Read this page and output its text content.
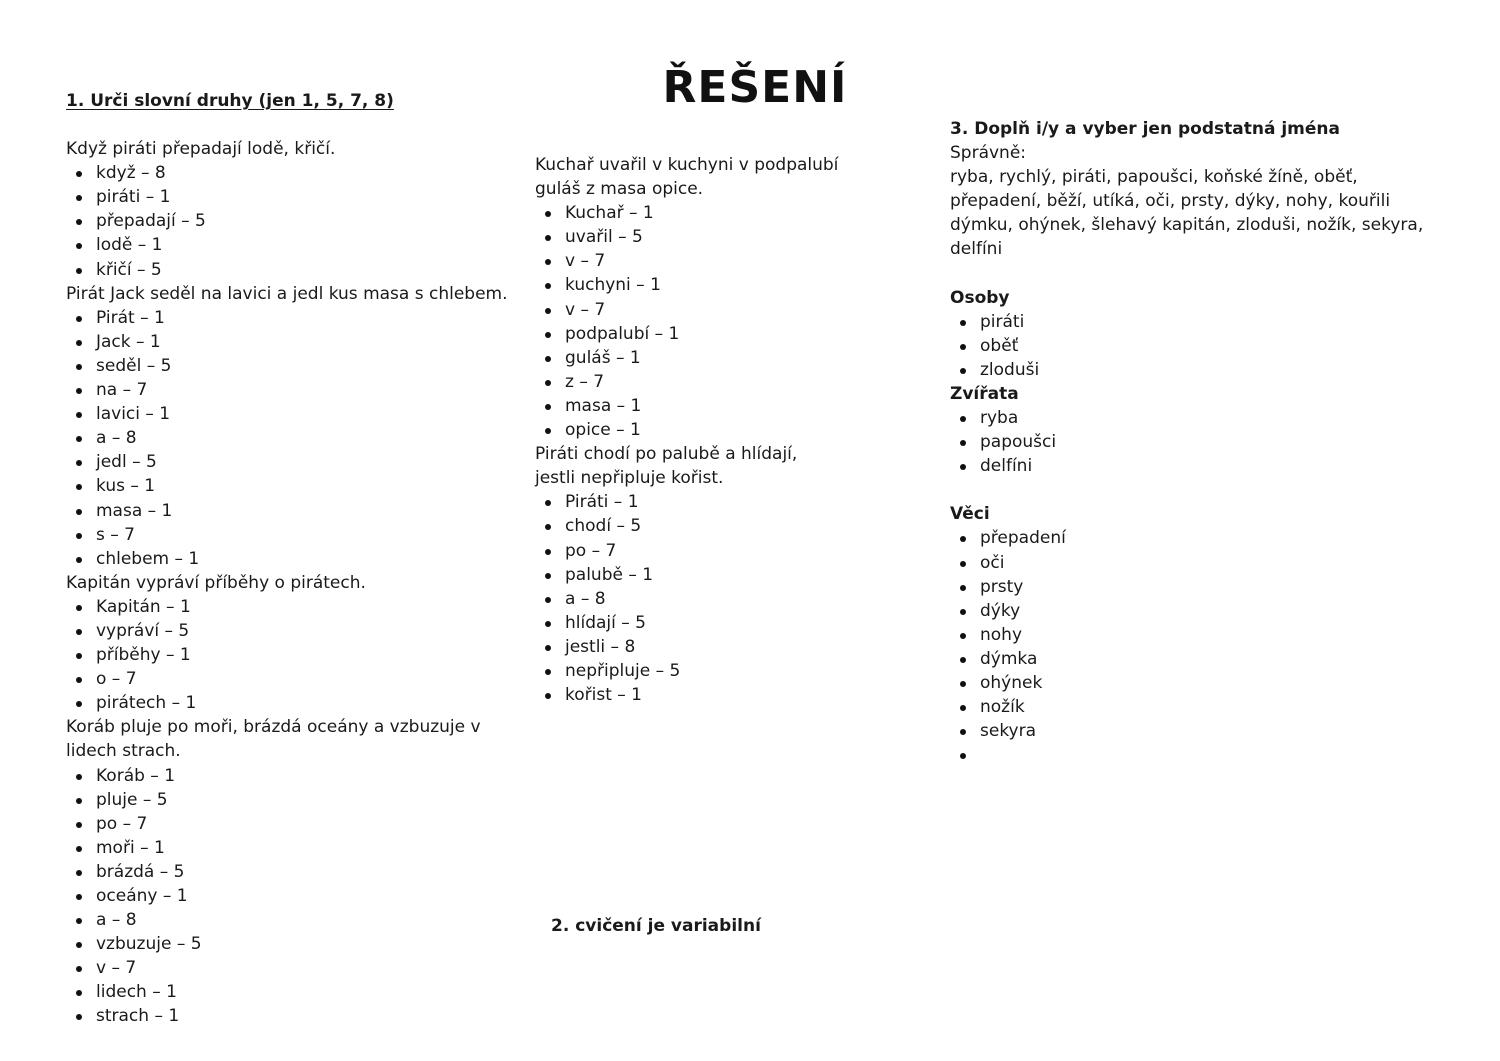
ŘEŠENÍ
1. Urči slovní druhy (jen 1, 5, 7, 8)
Když piráti přepadají lodě, křičí.
když – 8
piráti – 1
přepadají – 5
lodě – 1
křičí – 5
Pirát Jack seděl na lavici a jedl kus masa s chlebem.
Pirát – 1
Jack – 1
seděl – 5
na – 7
lavici – 1
a – 8
jedl – 5
kus – 1
masa – 1
s – 7
chlebem – 1
Kapitán vypráví příběhy o pirátech.
Kapitán – 1
vypráví – 5
příběhy – 1
o – 7
pirátech – 1
Koráb pluje po moři, brázdá oceány a vzbuzuje v lidech strach.
Koráb – 1
pluje – 5
po – 7
moři – 1
brázdá – 5
oceány – 1
a – 8
vzbuzuje – 5
v – 7
lidech – 1
strach – 1
Kuchař uvařil v kuchyni v podpalubí guláš z masa opice.
Kuchař – 1
uvařil – 5
v – 7
kuchyni – 1
v – 7
podpalubí – 1
guláš – 1
z – 7
masa – 1
opice – 1
Piráti chodí po palubě a hlídají, jestli nepřipluje kořist.
Piráti – 1
chodí – 5
po – 7
palubě – 1
a – 8
hlídají – 5
jestli – 8
nepřipluje – 5
kořist – 1
2. cvičení je variabilní
3. Doplň i/y a vyber jen podstatná jména
Správně:
ryba, rychlý, piráti, papoušci, koňské žíně, oběť, přepadení, běží, utíká, oči, prsty, dýky, nohy, kouřili dýmku, ohýnek, šlehavý kapitán, zloduši, nožík, sekyra, delfíni
Osoby
piráti
oběť
zloduši
Zvířata
ryba
papoušci
delfíni
Věci
přepadení
oči
prsty
dýky
nohy
dýmka
ohýnek
nožík
sekyra
